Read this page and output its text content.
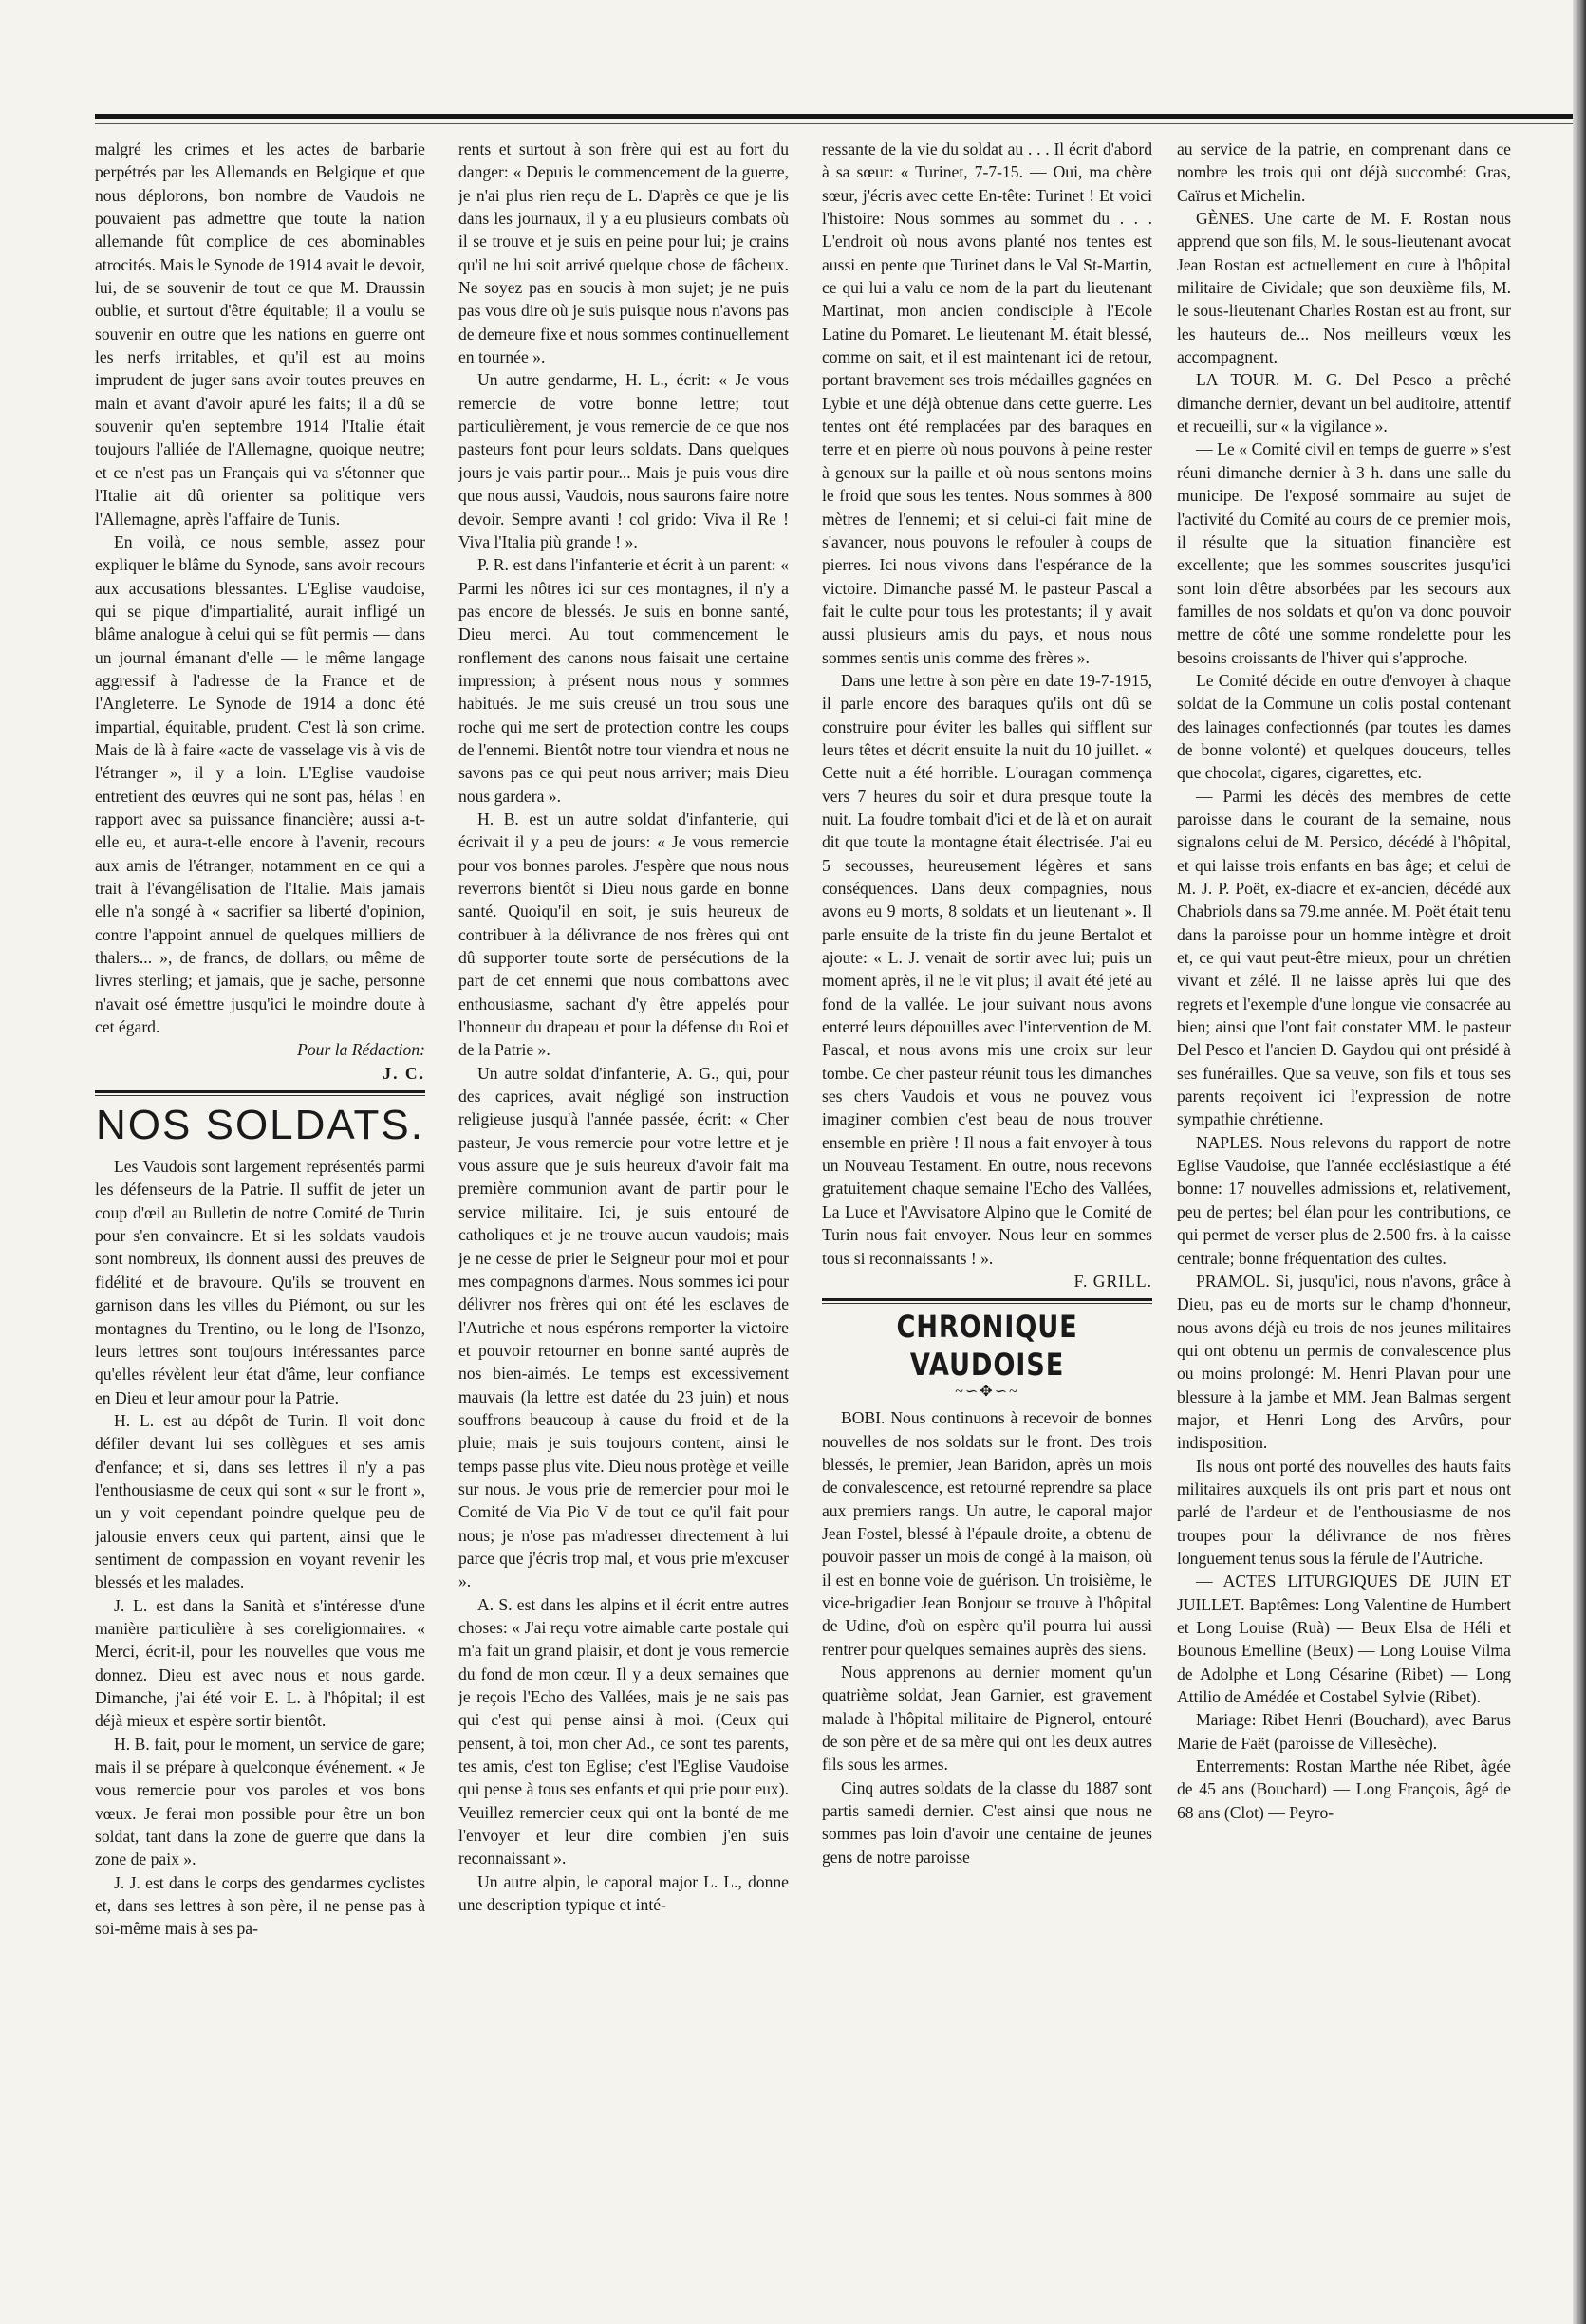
malgré les crimes et les actes de barbarie perpétrés par les Allemands en Belgique et que nous déplorons, bon nombre de Vaudois ne pouvaient pas admettre que toute la nation allemande fût complice de ces abominables atrocités. Mais le Synode de 1914 avait le devoir, lui, de se souvenir de tout ce que M. Draussin oublie, et surtout d'être équitable; il a voulu se souvenir en outre que les nations en guerre ont les nerfs irritables, et qu'il est au moins imprudent de juger sans avoir toutes preuves en main et avant d'avoir apuré les faits; il a dû se souvenir qu'en septembre 1914 l'Italie était toujours l'alliée de l'Allemagne, quoique neutre; et ce n'est pas un Français qui va s'étonner que l'Italie ait dû orienter sa politique vers l'Allemagne, après l'affaire de Tunis.

En voilà, ce nous semble, assez pour expliquer le blâme du Synode, sans avoir recours aux accusations blessantes. L'Eglise vaudoise, qui se pique d'impartialité, aurait infligé un blâme analogue à celui qui se fût permis — dans un journal émanant d'elle — le même langage aggressif à l'adresse de la France et de l'Angleterre. Le Synode de 1914 a donc été impartial, équitable, prudent. C'est là son crime. Mais de là à faire «acte de vasselage vis à vis de l'étranger », il y a loin. L'Eglise vaudoise entretient des œuvres qui ne sont pas, hélas ! en rapport avec sa puissance financière; aussi a-t-elle eu, et aura-t-elle encore à l'avenir, recours aux amis de l'étranger, notamment en ce qui a trait à l'évangélisation de l'Italie. Mais jamais elle n'a songé à « sacrifier sa liberté d'opinion, contre l'appoint annuel de quelques milliers de thalers... », de francs, de dollars, ou même de livres sterling; et jamais, que je sache, personne n'avait osé émettre jusqu'ici le moindre doute à cet égard.

Pour la Rédaction:

J. C.

NOS SOLDATS.

Les Vaudois sont largement représentés parmi les défenseurs de la Patrie. Il suffit de jeter un coup d'œil au Bulletin de notre Comité de Turin pour s'en convaincre. Et si les soldats vaudois sont nombreux, ils donnent aussi des preuves de fidélité et de bravoure. Qu'ils se trouvent en garnison dans les villes du Piémont, ou sur les montagnes du Trentino, ou le long de l'Isonzo, leurs lettres sont toujours intéressantes parce qu'elles révèlent leur état d'âme, leur confiance en Dieu et leur amour pour la Patrie.

H. L. est au dépôt de Turin. Il voit donc défiler devant lui ses collègues et ses amis d'enfance; et si, dans ses lettres il n'y a pas l'enthousiasme de ceux qui sont « sur le front », un y voit cependant poindre quelque peu de jalousie envers ceux qui partent, ainsi que le sentiment de compassion en voyant revenir les blessés et les malades.

J. L. est dans la Sanità et s'intéresse d'une manière particulière à ses coreligionnaires. « Merci, écrit-il, pour les nouvelles que vous me donnez. Dieu est avec nous et nous garde. Dimanche, j'ai été voir E. L. à l'hôpital; il est déjà mieux et espère sortir bientôt.

H. B. fait, pour le moment, un service de gare; mais il se prépare à quelconque événement. « Je vous remercie pour vos paroles et vos bons vœux. Je ferai mon possible pour être un bon soldat, tant dans la zone de guerre que dans la zone de paix ».

J. J. est dans le corps des gendarmes cyclistes et, dans ses lettres à son père, il ne pense pas à soi-même mais à ses pa-

rents et surtout à son frère qui est au fort du danger: « Depuis le commencement de la guerre, je n'ai plus rien reçu de L. D'après ce que je lis dans les journaux, il y a eu plusieurs combats où il se trouve et je suis en peine pour lui; je crains qu'il ne lui soit arrivé quelque chose de fâcheux. Ne soyez pas en soucis à mon sujet; je ne puis pas vous dire où je suis puisque nous n'avons pas de demeure fixe et nous sommes continuellement en tournée ».

Un autre gendarme, H. L., écrit: « Je vous remercie de votre bonne lettre; tout particulièrement, je vous remercie de ce que nos pasteurs font pour leurs soldats. Dans quelques jours je vais partir pour... Mais je puis vous dire que nous aussi, Vaudois, nous saurons faire notre devoir. Sempre avanti ! col grido: Viva il Re ! Viva l'Italia più grande ! ».

P. R. est dans l'infanterie et écrit à un parent: « Parmi les nôtres ici sur ces montagnes, il n'y a pas encore de blessés. Je suis en bonne santé, Dieu merci. Au tout commencement le ronflement des canons nous faisait une certaine impression; à présent nous nous y sommes habitués. Je me suis creusé un trou sous une roche qui me sert de protection contre les coups de l'ennemi. Bientôt notre tour viendra et nous ne savons pas ce qui peut nous arriver; mais Dieu nous gardera ».

H. B. est un autre soldat d'infanterie, qui écrivait il y a peu de jours: « Je vous remercie pour vos bonnes paroles. J'espère que nous nous reverrons bientôt si Dieu nous garde en bonne santé. Quoiqu'il en soit, je suis heureux de contribuer à la délivrance de nos frères qui ont dû supporter toute sorte de persécutions de la part de cet ennemi que nous combattons avec enthousiasme, sachant d'y être appelés pour l'honneur du drapeau et pour la défense du Roi et de la Patrie ».

Un autre soldat d'infanterie, A. G., qui, pour des caprices, avait négligé son instruction religieuse jusqu'à l'année passée, écrit: « Cher pasteur, Je vous remercie pour votre lettre et je vous assure que je suis heureux d'avoir fait ma première communion avant de partir pour le service militaire. Ici, je suis entouré de catholiques et je ne trouve aucun vaudois; mais je ne cesse de prier le Seigneur pour moi et pour mes compagnons d'armes. Nous sommes ici pour délivrer nos frères qui ont été les esclaves de l'Autriche et nous espérons remporter la victoire et pouvoir retourner en bonne santé auprès de nos bien-aimés. Le temps est excessivement mauvais (la lettre est datée du 23 juin) et nous souffrons beaucoup à cause du froid et de la pluie; mais je suis toujours content, ainsi le temps passe plus vite. Dieu nous protège et veille sur nous. Je vous prie de remercier pour moi le Comité de Via Pio V de tout ce qu'il fait pour nous; je n'ose pas m'adresser directement à lui parce que j'écris trop mal, et vous prie m'excuser ».

A. S. est dans les alpins et il écrit entre autres choses: « J'ai reçu votre aimable carte postale qui m'a fait un grand plaisir, et dont je vous remercie du fond de mon cœur. Il y a deux semaines que je reçois l'Echo des Vallées, mais je ne sais pas qui c'est qui pense ainsi à moi. (Ceux qui pensent, à toi, mon cher Ad., ce sont tes parents, tes amis, c'est ton Eglise; c'est l'Eglise Vaudoise qui pense à tous ses enfants et qui prie pour eux). Veuillez remercier ceux qui ont la bonté de me l'envoyer et leur dire combien j'en suis reconnaissant ».

Un autre alpin, le caporal major L. L., donne une description typique et inté-

ressante de la vie du soldat au . . . Il écrit d'abord à sa sœur: « Turinet, 7-7-15. — Oui, ma chère sœur, j'écris avec cette En-tête: Turinet ! Et voici l'histoire: Nous sommes au sommet du . . . L'endroit où nous avons planté nos tentes est aussi en pente que Turinet dans le Val St-Martin, ce qui lui a valu ce nom de la part du lieutenant Martinat, mon ancien condisciple à l'Ecole Latine du Pomaret. Le lieutenant M. était blessé, comme on sait, et il est maintenant ici de retour, portant bravement ses trois médailles gagnées en Lybie et une déjà obtenue dans cette guerre. Les tentes ont été remplacées par des baraques en terre et en pierre où nous pouvons à peine rester à genoux sur la paille et où nous sentons moins le froid que sous les tentes. Nous sommes à 800 mètres de l'ennemi; et si celui-ci fait mine de s'avancer, nous pouvons le refouler à coups de pierres. Ici nous vivons dans l'espérance de la victoire. Dimanche passé M. le pasteur Pascal a fait le culte pour tous les protestants; il y avait aussi plusieurs amis du pays, et nous nous sommes sentis unis comme des frères ».

Dans une lettre à son père en date 19-7-1915, il parle encore des baraques qu'ils ont dû se construire pour éviter les balles qui sifflent sur leurs têtes et décrit ensuite la nuit du 10 juillet. « Cette nuit a été horrible. L'ouragan commença vers 7 heures du soir et dura presque toute la nuit. La foudre tombait d'ici et de là et on aurait dit que toute la montagne était électrisée. J'ai eu 5 secousses, heureusement légères et sans conséquences. Dans deux compagnies, nous avons eu 9 morts, 8 soldats et un lieutenant ». Il parle ensuite de la triste fin du jeune Bertalot et ajoute: « L. J. venait de sortir avec lui; puis un moment après, il ne le vit plus; il avait été jeté au fond de la vallée. Le jour suivant nous avons enterré leurs dépouilles avec l'intervention de M. Pascal, et nous avons mis une croix sur leur tombe. Ce cher pasteur réunit tous les dimanches ses chers Vaudois et vous ne pouvez vous imaginer combien c'est beau de nous trouver ensemble en prière ! Il nous a fait envoyer à tous un Nouveau Testament. En outre, nous recevons gratuitement chaque semaine l'Echo des Vallées, La Luce et l'Avvisatore Alpino que le Comité de Turin nous fait envoyer. Nous leur en sommes tous si reconnaissants ! ».

F. GRILL.

CHRONIQUE VAUDOISE
~∽✥∽~

BOBI. Nous continuons à recevoir de bonnes nouvelles de nos soldats sur le front. Des trois blessés, le premier, Jean Baridon, après un mois de convalescence, est retourné reprendre sa place aux premiers rangs. Un autre, le caporal major Jean Fostel, blessé à l'épaule droite, a obtenu de pouvoir passer un mois de congé à la maison, où il est en bonne voie de guérison. Un troisième, le vice-brigadier Jean Bonjour se trouve à l'hôpital de Udine, d'où on espère qu'il pourra lui aussi rentrer pour quelques semaines auprès des siens.

Nous apprenons au dernier moment qu'un quatrième soldat, Jean Garnier, est gravement malade à l'hôpital militaire de Pignerol, entouré de son père et de sa mère qui ont les deux autres fils sous les armes.

Cinq autres soldats de la classe du 1887 sont partis samedi dernier. C'est ainsi que nous ne sommes pas loin d'avoir une centaine de jeunes gens de notre paroisse

au service de la patrie, en comprenant dans ce nombre les trois qui ont déjà succombé: Gras, Caïrus et Michelin.

GÈNES. Une carte de M. F. Rostan nous apprend que son fils, M. le sous-lieutenant avocat Jean Rostan est actuellement en cure à l'hôpital militaire de Cividale; que son deuxième fils, M. le sous-lieutenant Charles Rostan est au front, sur les hauteurs de... Nos meilleurs vœux les accompagnent.

LA TOUR. M. G. Del Pesco a prêché dimanche dernier, devant un bel auditoire, attentif et recueilli, sur « la vigilance ».

— Le « Comité civil en temps de guerre » s'est réuni dimanche dernier à 3 h. dans une salle du municipe. De l'exposé sommaire au sujet de l'activité du Comité au cours de ce premier mois, il résulte que la situation financière est excellente; que les sommes souscrites jusqu'ici sont loin d'être absorbées par les secours aux familles de nos soldats et qu'on va donc pouvoir mettre de côté une somme rondelette pour les besoins croissants de l'hiver qui s'approche.

Le Comité décide en outre d'envoyer à chaque soldat de la Commune un colis postal contenant des lainages confectionnés (par toutes les dames de bonne volonté) et quelques douceurs, telles que chocolat, cigares, cigarettes, etc.

— Parmi les décès des membres de cette paroisse dans le courant de la semaine, nous signalons celui de M. Persico, décédé à l'hôpital, et qui laisse trois enfants en bas âge; et celui de M. J. P. Poët, ex-diacre et ex-ancien, décédé aux Chabriols dans sa 79.me année. M. Poët était tenu dans la paroisse pour un homme intègre et droit et, ce qui vaut peut-être mieux, pour un chrétien vivant et zélé. Il ne laisse après lui que des regrets et l'exemple d'une longue vie consacrée au bien; ainsi que l'ont fait constater MM. le pasteur Del Pesco et l'ancien D. Gaydou qui ont présidé à ses funérailles. Que sa veuve, son fils et tous ses parents reçoivent ici l'expression de notre sympathie chrétienne.

NAPLES. Nous relevons du rapport de notre Eglise Vaudoise, que l'année ecclésiastique a été bonne: 17 nouvelles admissions et, relativement, peu de pertes; bel élan pour les contributions, ce qui permet de verser plus de 2.500 frs. à la caisse centrale; bonne fréquentation des cultes.

PRAMOL. Si, jusqu'ici, nous n'avons, grâce à Dieu, pas eu de morts sur le champ d'honneur, nous avons déjà eu trois de nos jeunes militaires qui ont obtenu un permis de convalescence plus ou moins prolongé: M. Henri Plavan pour une blessure à la jambe et MM. Jean Balmas sergent major, et Henri Long des Arvûrs, pour indisposition.

Ils nous ont porté des nouvelles des hauts faits militaires auxquels ils ont pris part et nous ont parlé de l'ardeur et de l'enthousiasme de nos troupes pour la délivrance de nos frères longuement tenus sous la férule de l'Autriche.

— ACTES LITURGIQUES DE JUIN ET JUILLET. Baptêmes: Long Valentine de Humbert et Long Louise (Ruà) — Beux Elsa de Héli et Bounous Emelline (Beux) — Long Louise Vilma de Adolphe et Long Césarine (Ribet) — Long Attilio de Amédée et Costabel Sylvie (Ribet).

Mariage: Ribet Henri (Bouchard), avec Barus Marie de Faët (paroisse de Villesèche).

Enterrements: Rostan Marthe née Ribet, âgée de 45 ans (Bouchard) — Long François, âgé de 68 ans (Clot) — Peyro-
